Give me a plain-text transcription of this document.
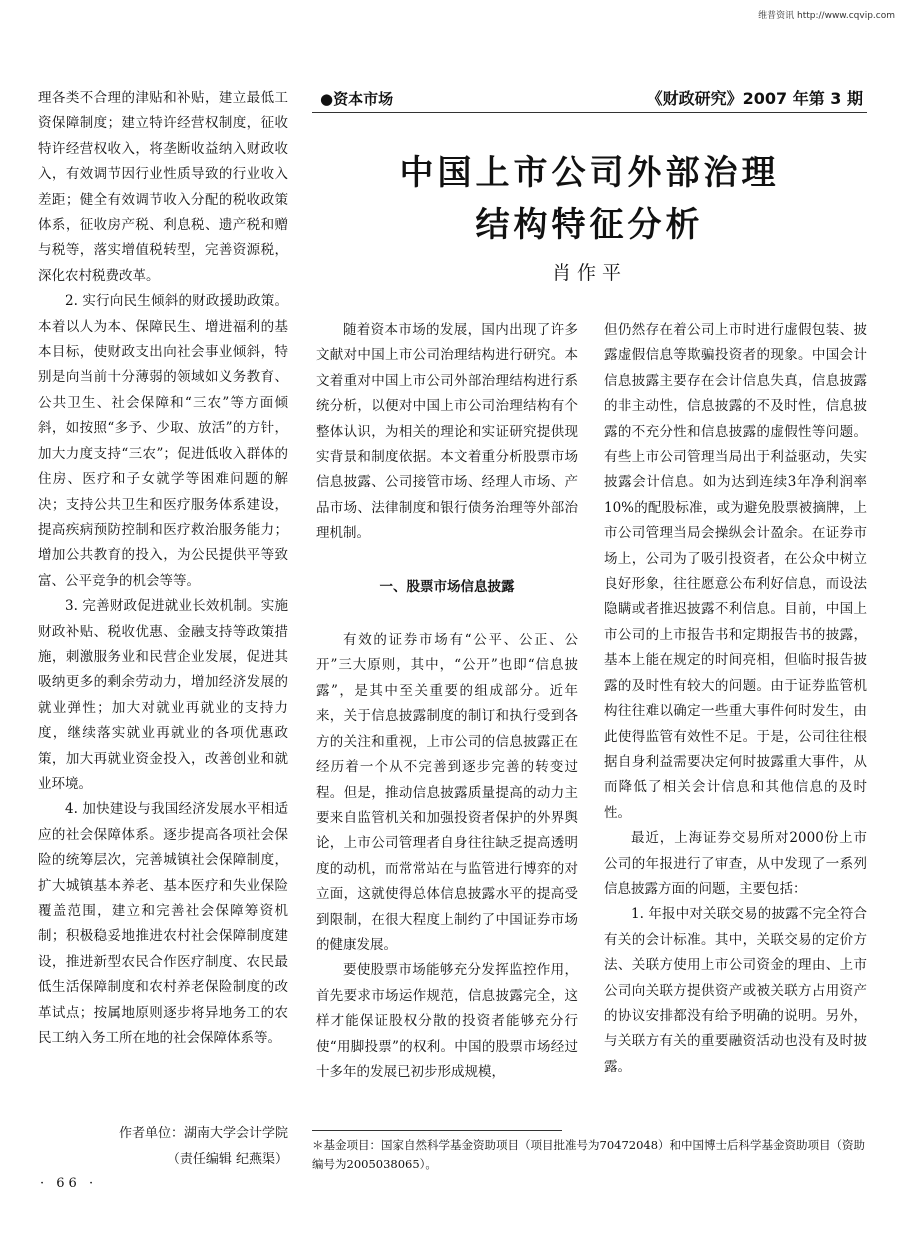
维普资讯 http://www.cqvip.com
●资本市场	《财政研究》2007 年第 3 期
中国上市公司外部治理
结构特征分析
肖作平

理各类不合理的津贴和补贴，建立最低工资保障制度；建立特许经营权制度，征收特许经营权收入，将垄断收益纳入财政收入，有效调节因行业性质导致的行业收入差距；健全有效调节收入分配的税收政策体系，征收房产税、利息税、遗产税和赠与税等，落实增值税转型，完善资源税，深化农村税费改革。

2. 实行向民生倾斜的财政援助政策。本着以人为本、保障民生、增进福利的基本目标，使财政支出向社会事业倾斜，特别是向当前十分薄弱的领域如义务教育、公共卫生、社会保障和“三农”等方面倾斜，如按照“多予、少取、放活”的方针，加大力度支持“三农”；促进低收入群体的住房、医疗和子女就学等困难问题的解决；支持公共卫生和医疗服务体系建设，提高疾病预防控制和医疗救治服务能力；增加公共教育的投入，为公民提供平等致富、公平竞争的机会等等。

3. 完善财政促进就业长效机制。实施财政补贴、税收优惠、金融支持等政策措施，刺激服务业和民营企业发展，促进其吸纳更多的剩余劳动力，增加经济发展的就业弹性；加大对就业再就业的支持力度，继续落实就业再就业的各项优惠政策，加大再就业资金投入，改善创业和就业环境。

4. 加快建设与我国经济发展水平相适应的社会保障体系。逐步提高各项社会保险的统筹层次，完善城镇社会保障制度，扩大城镇基本养老、基本医疗和失业保险覆盖范围，建立和完善社会保障筹资机制；积极稳妥地推进农村社会保障制度建设，推进新型农民合作医疗制度、农民最低生活保障制度和农村养老保险制度的改革试点；按属地原则逐步将异地务工的农民工纳入务工所在地的社会保障体系等。

作者单位：湖南大学会计学院
（责任编辑 纪燕渠）
· 66 ·

随着资本市场的发展，国内出现了许多文献对中国上市公司治理结构进行研究。本文着重对中国上市公司外部治理结构进行系统分析，以便对中国上市公司治理结构有个整体认识，为相关的理论和实证研究提供现实背景和制度依据。本文着重分析股票市场信息披露、公司接管市场、经理人市场、产品市场、法律制度和银行债务治理等外部治理机制。

一、股票市场信息披露

有效的证券市场有“公平、公正、公开”三大原则，其中，“公开”也即“信息披露”，是其中至关重要的组成部分。近年来，关于信息披露制度的制订和执行受到各方的关注和重视，上市公司的信息披露正在经历着一个从不完善到逐步完善的转变过程。但是，推动信息披露质量提高的动力主要来自监管机关和加强投资者保护的外界舆论，上市公司管理者自身往往缺乏提高透明度的动机，而常常站在与监管进行博弈的对立面，这就使得总体信息披露水平的提高受到限制，在很大程度上制约了中国证券市场的健康发展。

要使股票市场能够充分发挥监控作用，首先要求市场运作规范，信息披露完全，这样才能保证股权分散的投资者能够充分行使“用脚投票”的权利。中国的股票市场经过十多年的发展已初步形成规模，

但仍然存在着公司上市时进行虚假包装、披露虚假信息等欺骗投资者的现象。中国会计信息披露主要存在会计信息失真，信息披露的非主动性，信息披露的不及时性，信息披露的不充分性和信息披露的虚假性等问题。有些上市公司管理当局出于利益驱动，失实披露会计信息。如为达到连续3年净利润率10%的配股标准，或为避免股票被摘牌，上市公司管理当局会操纵会计盈余。在证券市场上，公司为了吸引投资者，在公众中树立良好形象，往往愿意公布利好信息，而设法隐瞒或者推迟披露不利信息。目前，中国上市公司的上市报告书和定期报告书的披露，基本上能在规定的时间亮相，但临时报告披露的及时性有较大的问题。由于证券监管机构往往难以确定一些重大事件何时发生，由此使得监管有效性不足。于是，公司往往根据自身利益需要决定何时披露重大事件，从而降低了相关会计信息和其他信息的及时性。

最近，上海证券交易所对2000份上市公司的年报进行了审查，从中发现了一系列信息披露方面的问题，主要包括：

1. 年报中对关联交易的披露不完全符合有关的会计标准。其中，关联交易的定价方法、关联方使用上市公司资金的理由、上市公司向关联方提供资产或被关联方占用资产的协议安排都没有给予明确的说明。另外，与关联方有关的重要融资活动也没有及时披露。

＊基金项目：国家自然科学基金资助项目（项目批准号为70472048）和中国博士后科学基金资助项目（资助编号为2005038065）。
